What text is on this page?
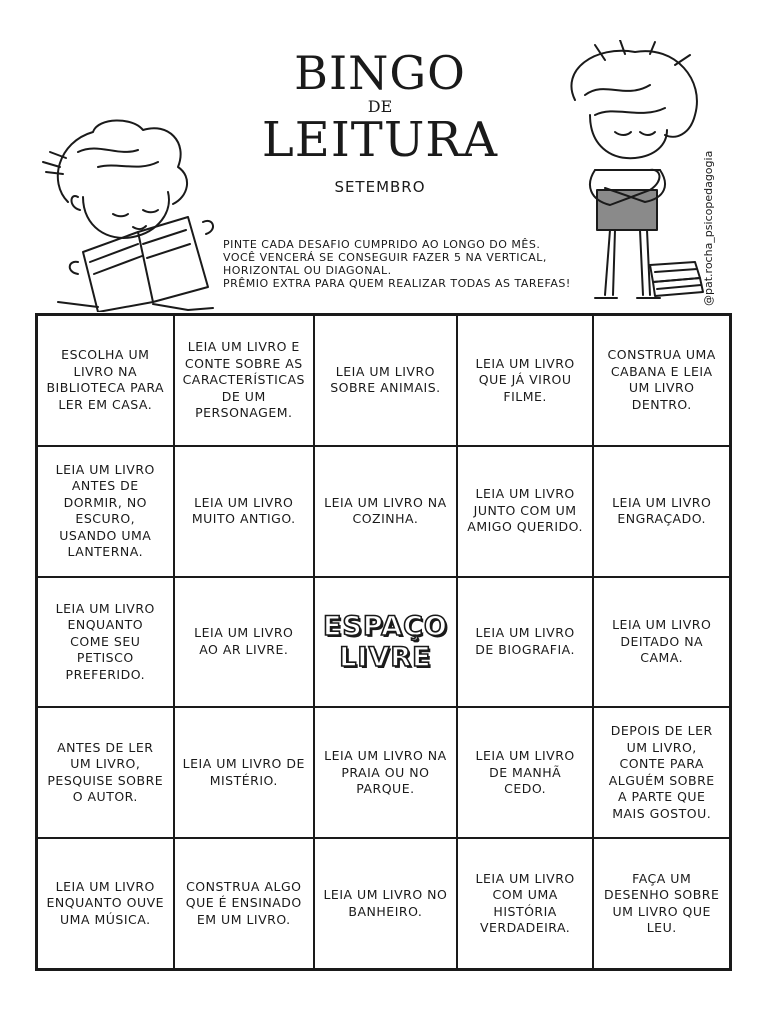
BINGO
DE
LEITURA
SETEMBRO
PINTE CADA DESAFIO CUMPRIDO AO LONGO DO MÊS.
VOCÊ VENCERÁ SE CONSEGUIR FAZER 5 NA VERTICAL,
HORIZONTAL OU DIAGONAL.
PRÊMIO EXTRA PARA QUEM REALIZAR TODAS AS TAREFAS!	@pat.rocha_psicopedagogia
ESCOLHA UM LIVRO NA BIBLIOTECA PARA LER EM CASA.
LEIA UM LIVRO E CONTE SOBRE AS CARACTERÍSTICAS DE UM PERSONAGEM.
LEIA UM LIVRO SOBRE ANIMAIS.
LEIA UM LIVRO QUE JÁ VIROU FILME.
CONSTRUA UMA CABANA E LEIA UM LIVRO DENTRO.
LEIA UM LIVRO ANTES DE DORMIR, NO ESCURO, USANDO UMA LANTERNA.
LEIA UM LIVRO MUITO ANTIGO.
LEIA UM LIVRO NA COZINHA.
LEIA UM LIVRO JUNTO COM UM AMIGO QUERIDO.
LEIA UM LIVRO ENGRAÇADO.
LEIA UM LIVRO ENQUANTO COME SEU PETISCO PREFERIDO.
LEIA UM LIVRO AO AR LIVRE.
ESPAÇO
LIVRE
LEIA UM LIVRO DE BIOGRAFIA.
LEIA UM LIVRO DEITADO NA CAMA.
ANTES DE LER UM LIVRO, PESQUISE SOBRE O AUTOR.
LEIA UM LIVRO DE MISTÉRIO.
LEIA UM LIVRO NA PRAIA OU NO PARQUE.
LEIA UM LIVRO DE MANHÃ CEDO.
DEPOIS DE LER UM LIVRO, CONTE PARA ALGUÉM SOBRE A PARTE QUE MAIS GOSTOU.
LEIA UM LIVRO ENQUANTO OUVE UMA MÚSICA.
CONSTRUA ALGO QUE É ENSINADO EM UM LIVRO.
LEIA UM LIVRO NO BANHEIRO.
LEIA UM LIVRO COM UMA HISTÓRIA VERDADEIRA.
FAÇA UM DESENHO SOBRE UM LIVRO QUE LEU.
